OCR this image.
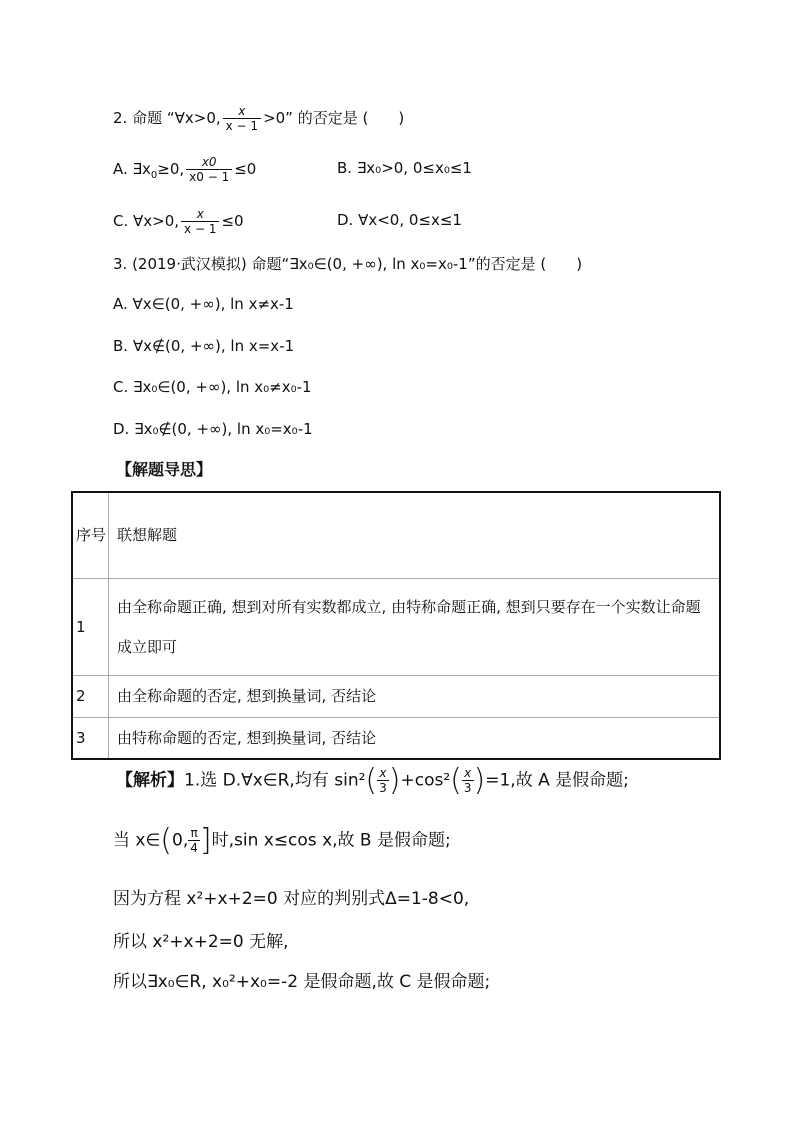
2. 命题 “∀x>0, $\frac{x}{x - 1} >0$” 的否定是 (　　)
A. $\exists x_0\ge 0$, $\frac{x0}{x0 - 1} \le 0$	B. ∃x₀>0, 0≤x₀≤1
C. ∀x>0, $\frac{x}{x - 1} \le 0$	D. ∀x<0, 0≤x≤1
3. (2019·武汉模拟) 命题“∃x₀∈(0, +∞), ln x₀=x₀-1”的否定是 (　　)
A. ∀x∈(0, +∞), ln x≠x-1
B. ∀x∉(0, +∞), ln x=x-1
C. ∃x₀∈(0, +∞), ln x₀≠x₀-1
D. ∃x₀∉(0, +∞), ln x₀=x₀-1
【解题导思】
序号	联想解题
1	由全称命题正确, 想到对所有实数都成立, 由特称命题正确, 想到只要存在一个实数让命题成立即可
2	由全称命题的否定, 想到换量词, 否结论
3	由特称命题的否定, 想到换量词, 否结论
【解析】1.选 D.∀x∈R,均有 $\sin^2( \frac{x}{3} )+\cos^2( \frac{x}{3} )=1$,故 A 是假命题;
当 x∈(0, $\frac{\pi}{4}$ ]时,sin x≤cos x,故 B 是假命题;
因为方程 x²+x+2=0 对应的判别式Δ=1-8<0,
所以 x²+x+2=0 无解,
所以∃x₀∈R, x₀²+x₀=-2 是假命题,故 C 是假命题;
